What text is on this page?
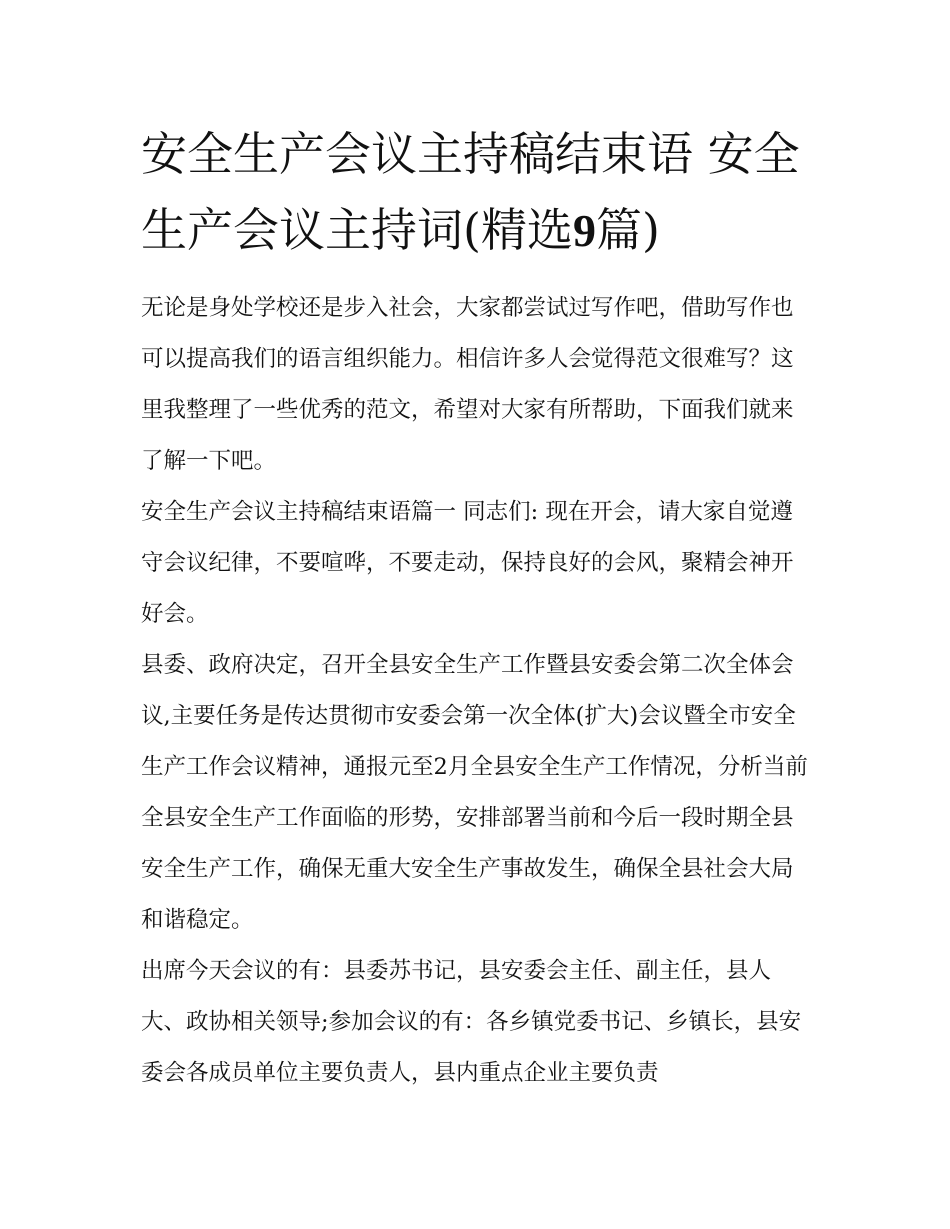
安全生产会议主持稿结束语 安全生产会议主持词(精选9篇)

无论是身处学校还是步入社会，大家都尝试过写作吧，借助写作也可以提高我们的语言组织能力。相信许多人会觉得范文很难写？这里我整理了一些优秀的范文，希望对大家有所帮助，下面我们就来了解一下吧。

安全生产会议主持稿结束语篇一 同志们: 现在开会，请大家自觉遵守会议纪律，不要喧哗，不要走动，保持良好的会风，聚精会神开好会。

县委、政府决定，召开全县安全生产工作暨县安委会第二次全体会议,主要任务是传达贯彻市安委会第一次全体(扩大)会议暨全市安全生产工作会议精神，通报元至2月全县安全生产工作情况，分析当前全县安全生产工作面临的形势，安排部署当前和今后一段时期全县安全生产工作，确保无重大安全生产事故发生，确保全县社会大局和谐稳定。

出席今天会议的有：县委苏书记，县安委会主任、副主任，县人大、政协相关领导;参加会议的有：各乡镇党委书记、乡镇长，县安委会各成员单位主要负责人，县内重点企业主要负责
